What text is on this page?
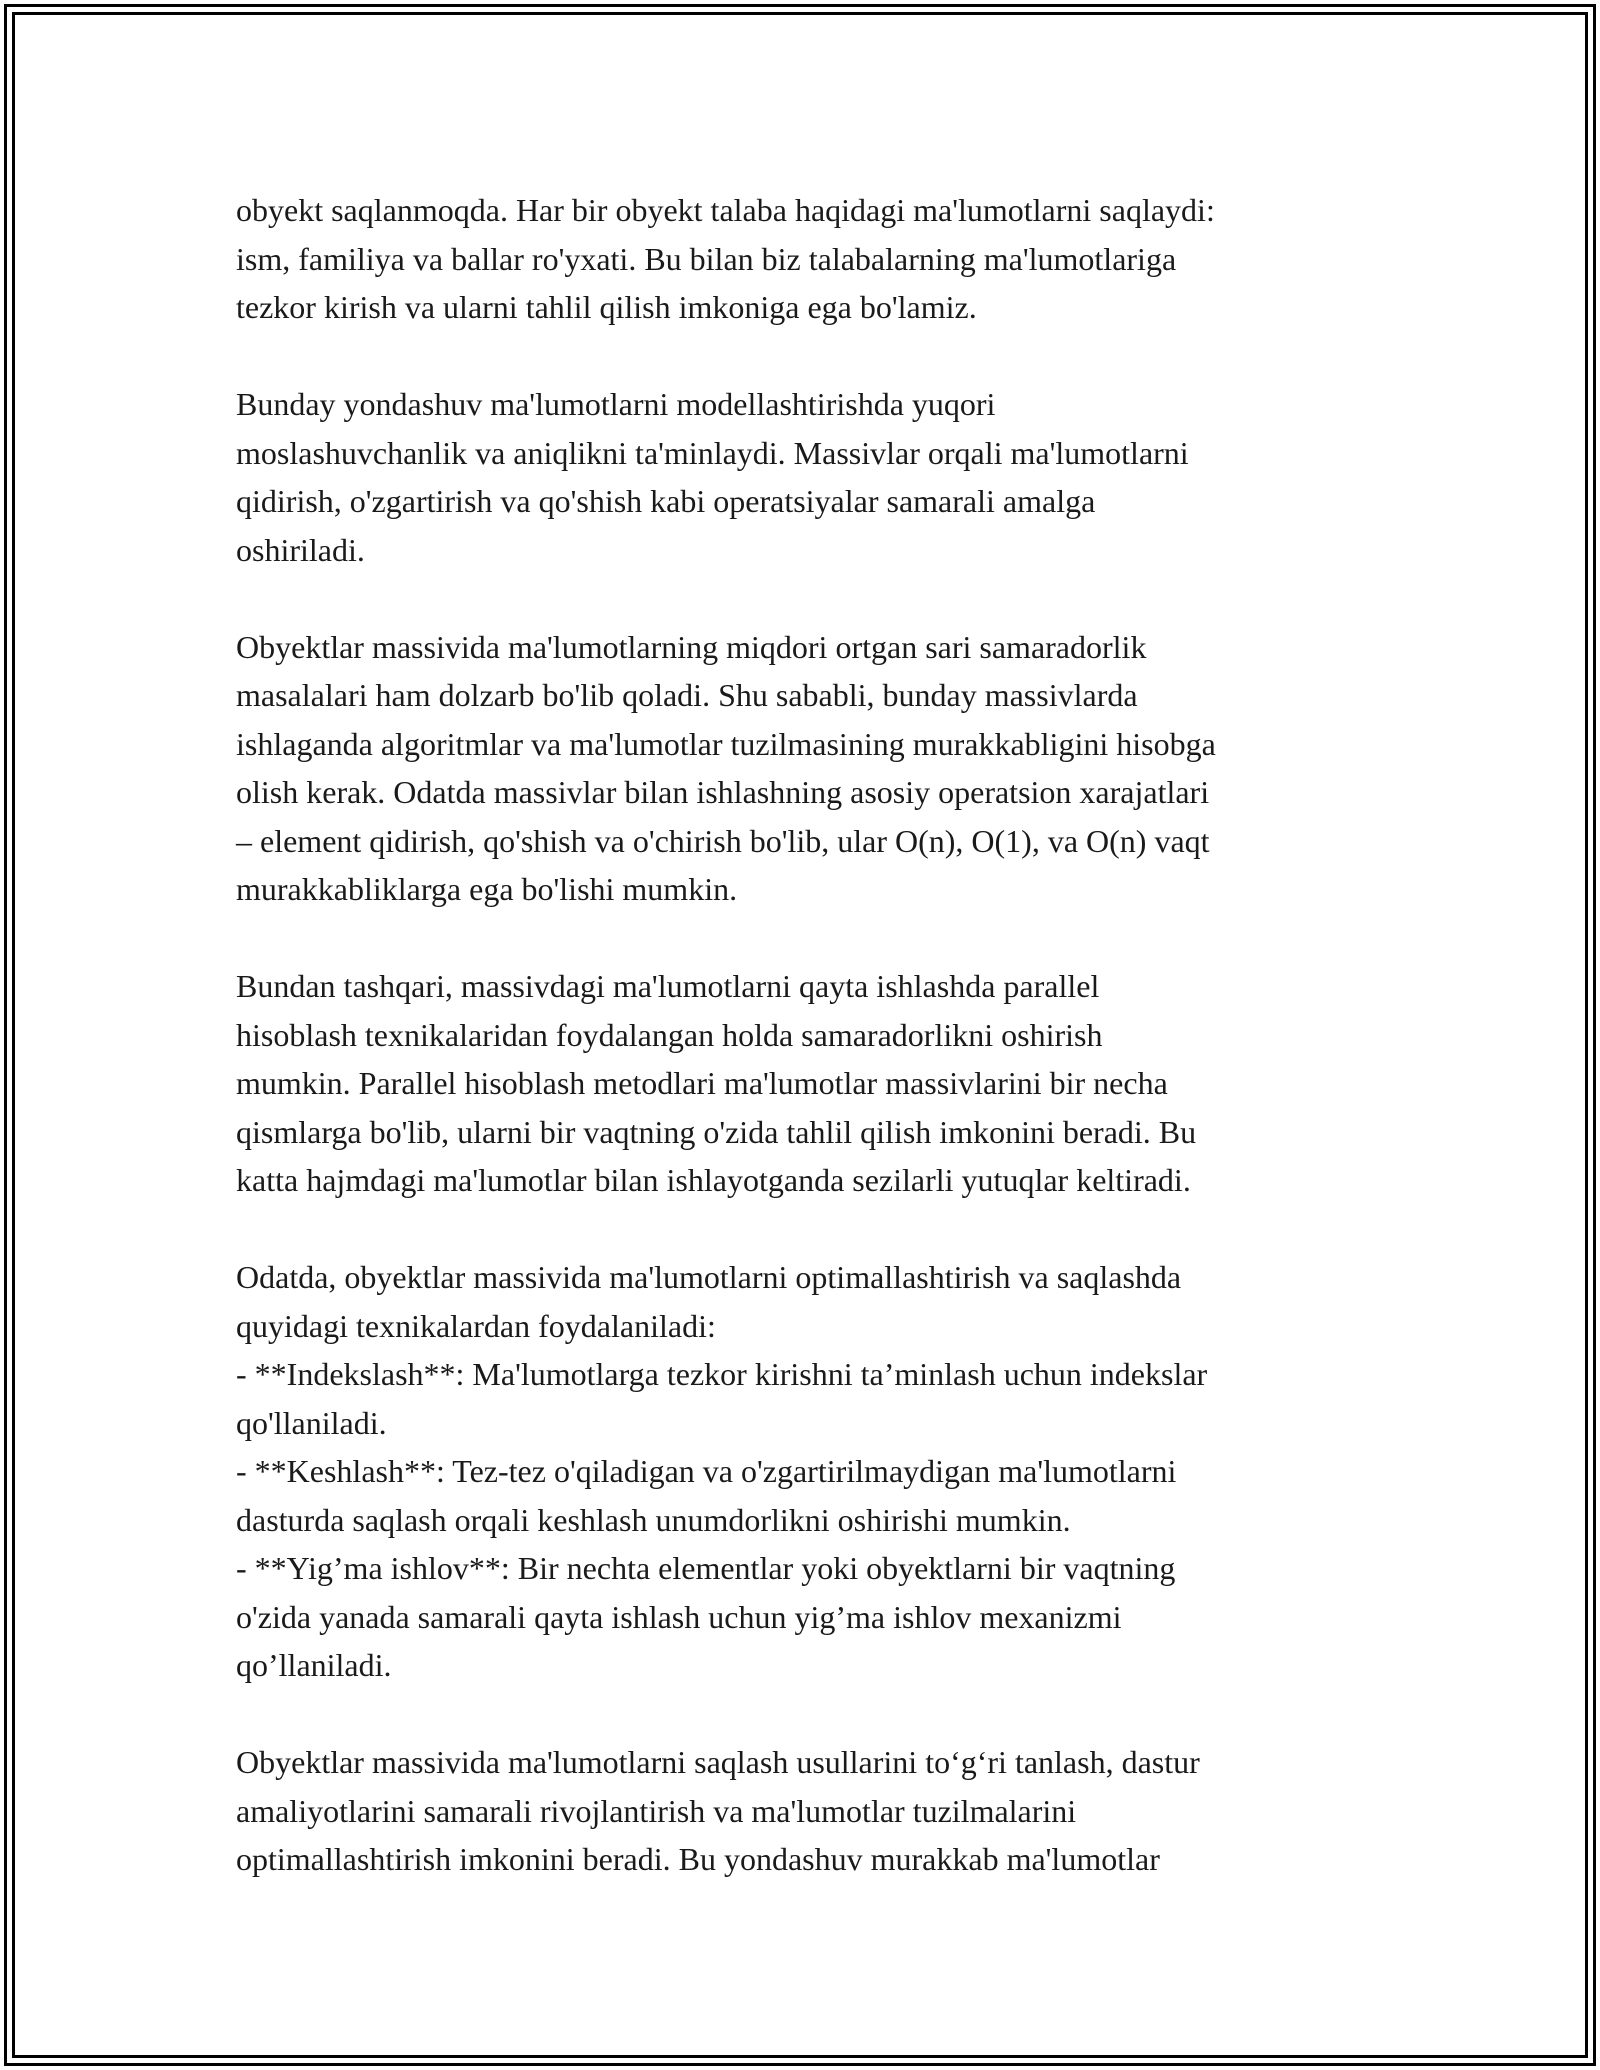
obyekt saqlanmoqda. Har bir obyekt talaba haqidagi ma'lumotlarni saqlaydi:
ism, familiya va ballar ro'yxati. Bu bilan biz talabalarning ma'lumotlariga
tezkor kirish va ularni tahlil qilish imkoniga ega bo'lamiz.
Bunday yondashuv ma'lumotlarni modellashtirishda yuqori
moslashuvchanlik va aniqlikni ta'minlaydi. Massivlar orqali ma'lumotlarni
qidirish, o'zgartirish va qo'shish kabi operatsiyalar samarali amalga
oshiriladi.
Obyektlar massivida ma'lumotlarning miqdori ortgan sari samaradorlik
masalalari ham dolzarb bo'lib qoladi. Shu sababli, bunday massivlarda
ishlaganda algoritmlar va ma'lumotlar tuzilmasining murakkabligini hisobga
olish kerak. Odatda massivlar bilan ishlashning asosiy operatsion xarajatlari
– element qidirish, qo'shish va o'chirish bo'lib, ular O(n), O(1), va O(n) vaqt
murakkabliklarga ega bo'lishi mumkin.
Bundan tashqari, massivdagi ma'lumotlarni qayta ishlashda parallel
hisoblash texnikalaridan foydalangan holda samaradorlikni oshirish
mumkin. Parallel hisoblash metodlari ma'lumotlar massivlarini bir necha
qismlarga bo'lib, ularni bir vaqtning o'zida tahlil qilish imkonini beradi. Bu
katta hajmdagi ma'lumotlar bilan ishlayotganda sezilarli yutuqlar keltiradi.
Odatda, obyektlar massivida ma'lumotlarni optimallashtirish va saqlashda
quyidagi texnikalardan foydalaniladi:
- **Indekslash**: Ma'lumotlarga tezkor kirishni ta’minlash uchun indekslar
qo'llaniladi.
- **Keshlash**: Tez-tez o'qiladigan va o'zgartirilmaydigan ma'lumotlarni
dasturda saqlash orqali keshlash unumdorlikni oshirishi mumkin.
- **Yig’ma ishlov**: Bir nechta elementlar yoki obyektlarni bir vaqtning
o'zida yanada samarali qayta ishlash uchun yig’ma ishlov mexanizmi
qo’llaniladi.
Obyektlar massivida ma'lumotlarni saqlash usullarini to‘g‘ri tanlash, dastur
amaliyotlarini samarali rivojlantirish va ma'lumotlar tuzilmalarini
optimallashtirish imkonini beradi. Bu yondashuv murakkab ma'lumotlar
